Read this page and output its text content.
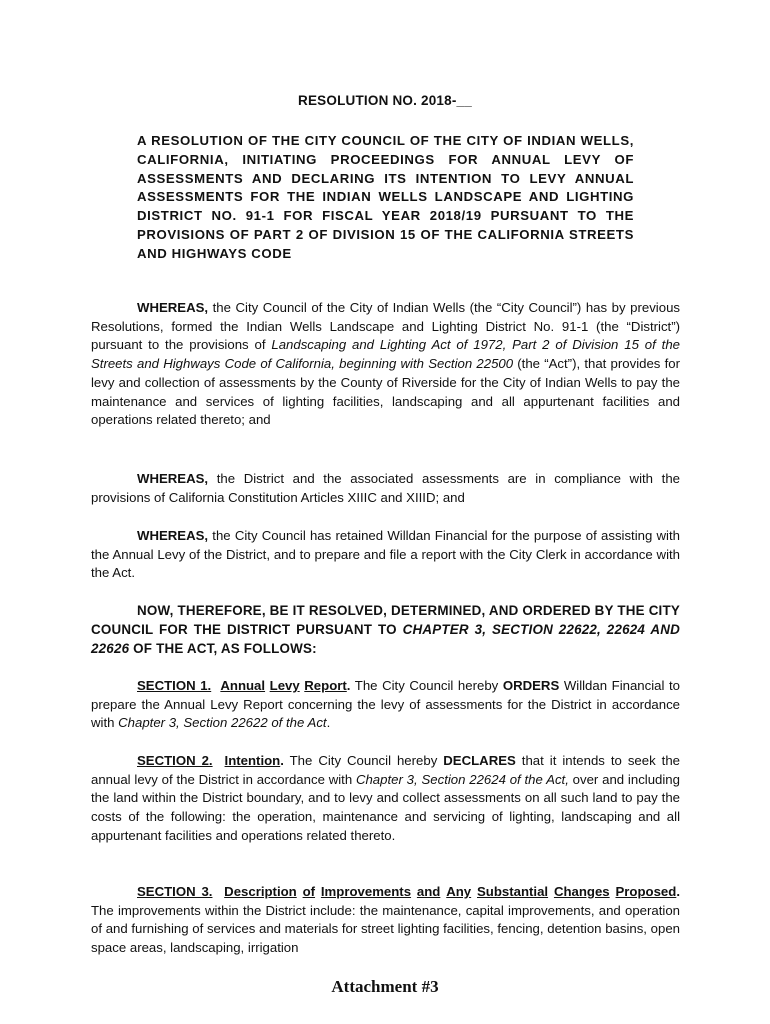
RESOLUTION NO. 2018-__
A RESOLUTION OF THE CITY COUNCIL OF THE CITY OF INDIAN WELLS, CALIFORNIA, INITIATING PROCEEDINGS FOR ANNUAL LEVY OF ASSESSMENTS AND DECLARING ITS INTENTION TO LEVY ANNUAL ASSESSMENTS FOR THE INDIAN WELLS LANDSCAPE AND LIGHTING DISTRICT NO. 91-1 FOR FISCAL YEAR 2018/19 PURSUANT TO THE PROVISIONS OF PART 2 OF DIVISION 15 OF THE CALIFORNIA STREETS AND HIGHWAYS CODE

WHEREAS, the City Council of the City of Indian Wells (the “City Council”) has by previous Resolutions, formed the Indian Wells Landscape and Lighting District No. 91-1 (the “District”) pursuant to the provisions of Landscaping and Lighting Act of 1972, Part 2 of Division 15 of the Streets and Highways Code of California, beginning with Section 22500 (the “Act”), that provides for levy and collection of assessments by the County of Riverside for the City of Indian Wells to pay the maintenance and services of lighting facilities, landscaping and all appurtenant facilities and operations related thereto; and

WHEREAS, the District and the associated assessments are in compliance with the provisions of California Constitution Articles XIIIC and XIIID; and

WHEREAS, the City Council has retained Willdan Financial for the purpose of assisting with the Annual Levy of the District, and to prepare and file a report with the City Clerk in accordance with the Act.

NOW, THEREFORE, BE IT RESOLVED, DETERMINED, AND ORDERED BY THE CITY COUNCIL FOR THE DISTRICT PURSUANT TO CHAPTER 3, SECTION 22622, 22624 AND 22626 OF THE ACT, AS FOLLOWS:

SECTION 1. Annual Levy Report. The City Council hereby ORDERS Willdan Financial to prepare the Annual Levy Report concerning the levy of assessments for the District in accordance with Chapter 3, Section 22622 of the Act.

SECTION 2. Intention. The City Council hereby DECLARES that it intends to seek the annual levy of the District in accordance with Chapter 3, Section 22624 of the Act, over and including the land within the District boundary, and to levy and collect assessments on all such land to pay the costs of the following: the operation, maintenance and servicing of lighting, landscaping and all appurtenant facilities and operations related thereto.

SECTION 3. Description of Improvements and Any Substantial Changes Proposed. The improvements within the District include: the maintenance, capital improvements, and operation of and furnishing of services and materials for street lighting facilities, fencing, detention basins, open space areas, landscaping, irrigation

Attachment #3
